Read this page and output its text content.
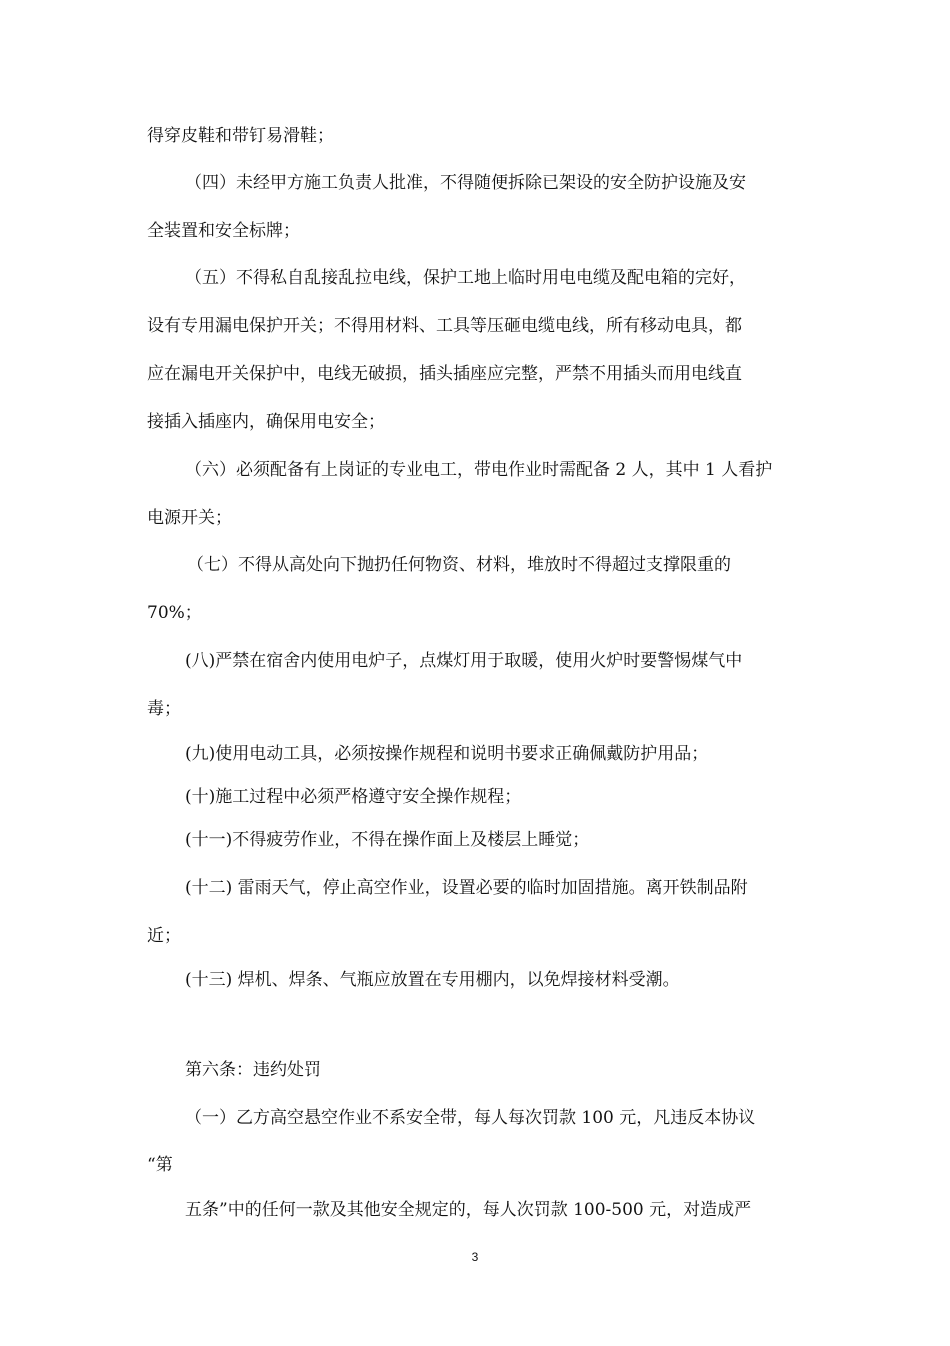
得穿皮鞋和带钉易滑鞋；

（四）未经甲方施工负责人批准，不得随便拆除已架设的安全防护设施及安

全装置和安全标牌；

（五）不得私自乱接乱拉电线，保护工地上临时用电电缆及配电箱的完好，

设有专用漏电保护开关；不得用材料、工具等压砸电缆电线，所有移动电具，都

应在漏电开关保护中，电线无破损，插头插座应完整，严禁不用插头而用电线直

接插入插座内，确保用电安全；

（六）必须配备有上岗证的专业电工，带电作业时需配备 2 人，其中 1 人看护

电源开关；

（七）不得从高处向下抛扔任何物资、材料，堆放时不得超过支撑限重的

70%；

(八)严禁在宿舍内使用电炉子，点煤灯用于取暖，使用火炉时要警惕煤气中

毒；

(九)使用电动工具，必须按操作规程和说明书要求正确佩戴防护用品；

(十)施工过程中必须严格遵守安全操作规程；

(十一)不得疲劳作业，不得在操作面上及楼层上睡觉；

(十二) 雷雨天气，停止高空作业，设置必要的临时加固措施。离开铁制品附

近；

(十三) 焊机、焊条、气瓶应放置在专用棚内，以免焊接材料受潮。

第六条：违约处罚

（一）乙方高空悬空作业不系安全带，每人每次罚款 100 元，凡违反本协议

“第

五条”中的任何一款及其他安全规定的，每人次罚款 100-500 元，对造成严

3
